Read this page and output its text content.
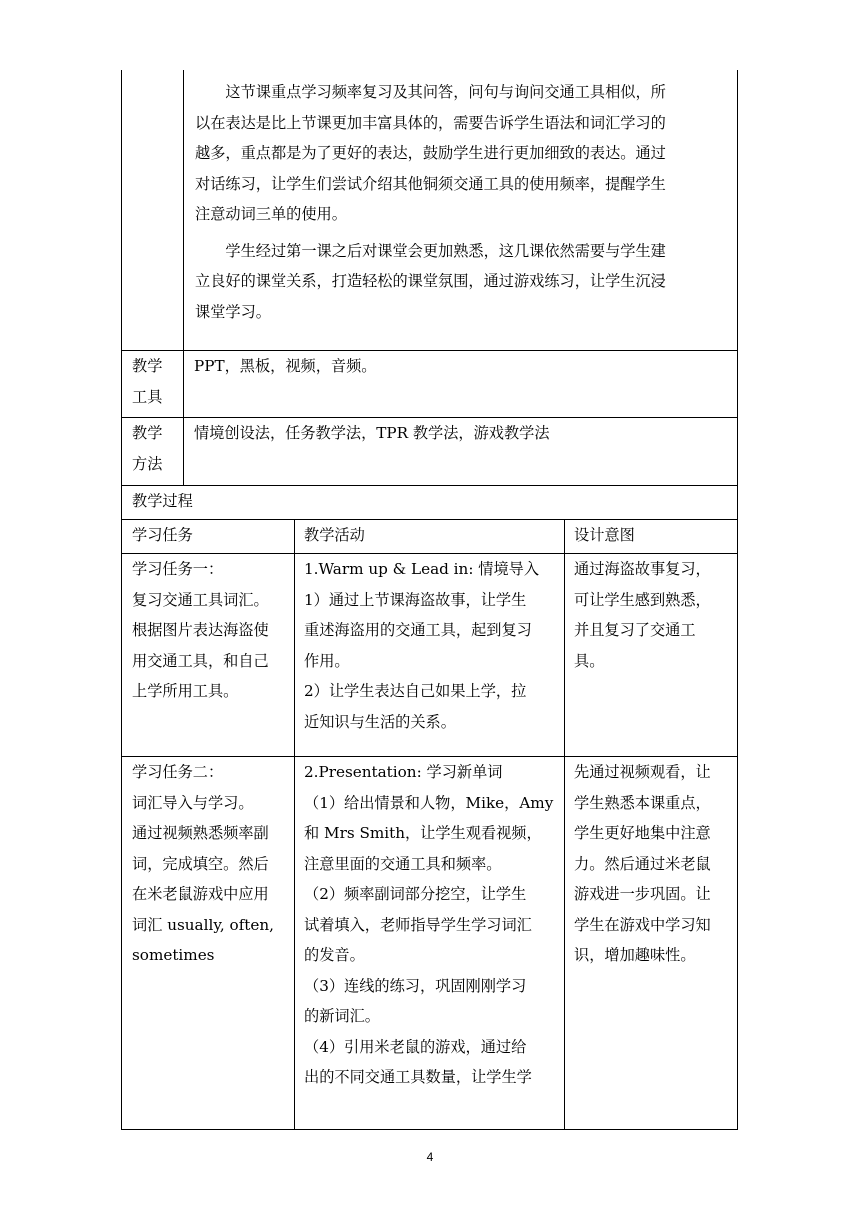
这节课重点学习频率复习及其问答，问句与询问交通工具相似，所
以在表达是比上节课更加丰富具体的，需要告诉学生语法和词汇学习的
越多，重点都是为了更好的表达，鼓励学生进行更加细致的表达。通过
对话练习，让学生们尝试介绍其他铜须交通工具的使用频率，提醒学生
注意动词三单的使用。

学生经过第一课之后对课堂会更加熟悉，这几课依然需要与学生建
立良好的课堂关系，打造轻松的课堂氛围，通过游戏练习，让学生沉浸
课堂学习。

教学
工具
PPT，黑板，视频，音频。
教学
方法
情境创设法，任务教学法，TPR 教学法，游戏教学法
教学过程
学习任务	教学活动	设计意图
学习任务一：
复习交通工具词汇。
根据图片表达海盗使
用交通工具，和自己
上学所用工具。
1.Warm up & Lead in: 情境导入
1）通过上节课海盗故事，让学生
重述海盗用的交通工具，起到复习
作用。
2）让学生表达自己如果上学，拉
近知识与生活的关系。
通过海盗故事复习，
可让学生感到熟悉，
并且复习了交通工
具。
学习任务二：
词汇导入与学习。
通过视频熟悉频率副
词，完成填空。然后
在米老鼠游戏中应用
词汇 usually, often,
sometimes
2.Presentation: 学习新单词
（1）给出情景和人物，Mike，Amy
和 Mrs Smith，让学生观看视频，
注意里面的交通工具和频率。
（2）频率副词部分挖空，让学生
试着填入，老师指导学生学习词汇
的发音。
（3）连线的练习，巩固刚刚学习
的新词汇。
（4）引用米老鼠的游戏，通过给
出的不同交通工具数量，让学生学
先通过视频观看，让
学生熟悉本课重点，
学生更好地集中注意
力。然后通过米老鼠
游戏进一步巩固。让
学生在游戏中学习知
识，增加趣味性。
4
